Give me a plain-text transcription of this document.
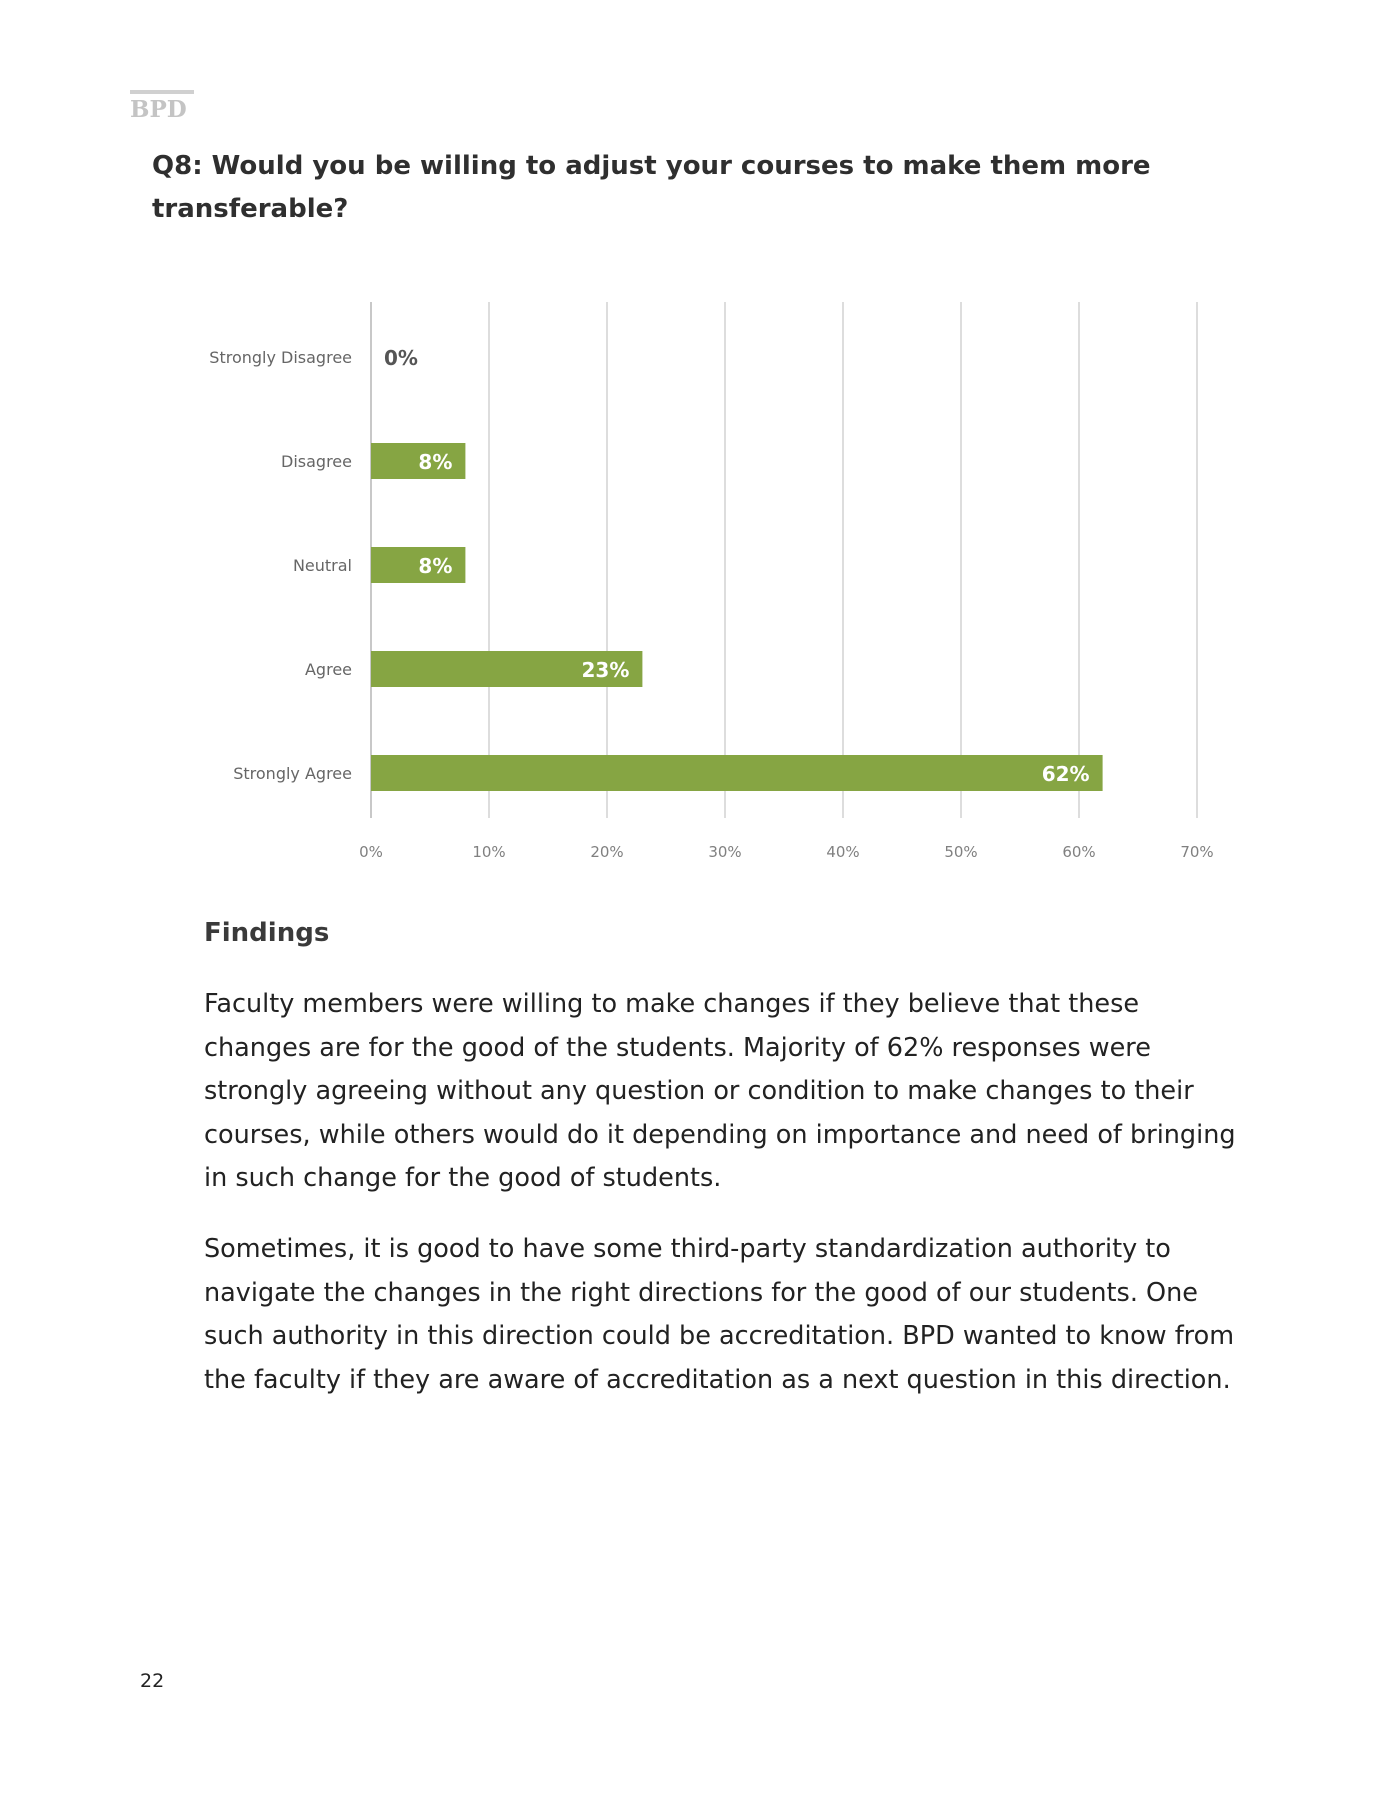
BPD
Q8: Would you be willing to adjust your courses to make them more transferable?
Strongly Disagree
Disagree
Neutral
Agree
Strongly Agree
0%	10%	20%	30%	40%	50%	60%	70%
0%
8%
8%
23%
62%
Findings

Faculty members were willing to make changes if they believe that these changes are for the good of the students. Majority of 62% responses were strongly agreeing without any question or condition to make changes to their courses, while others would do it depending on importance and need of bringing in such change for the good of students.

Sometimes, it is good to have some third-party standardization authority to navigate the changes in the right directions for the good of our students. One such authority in this direction could be accreditation. BPD wanted to know from the faculty if they are aware of accreditation as a next question in this direction.

22
